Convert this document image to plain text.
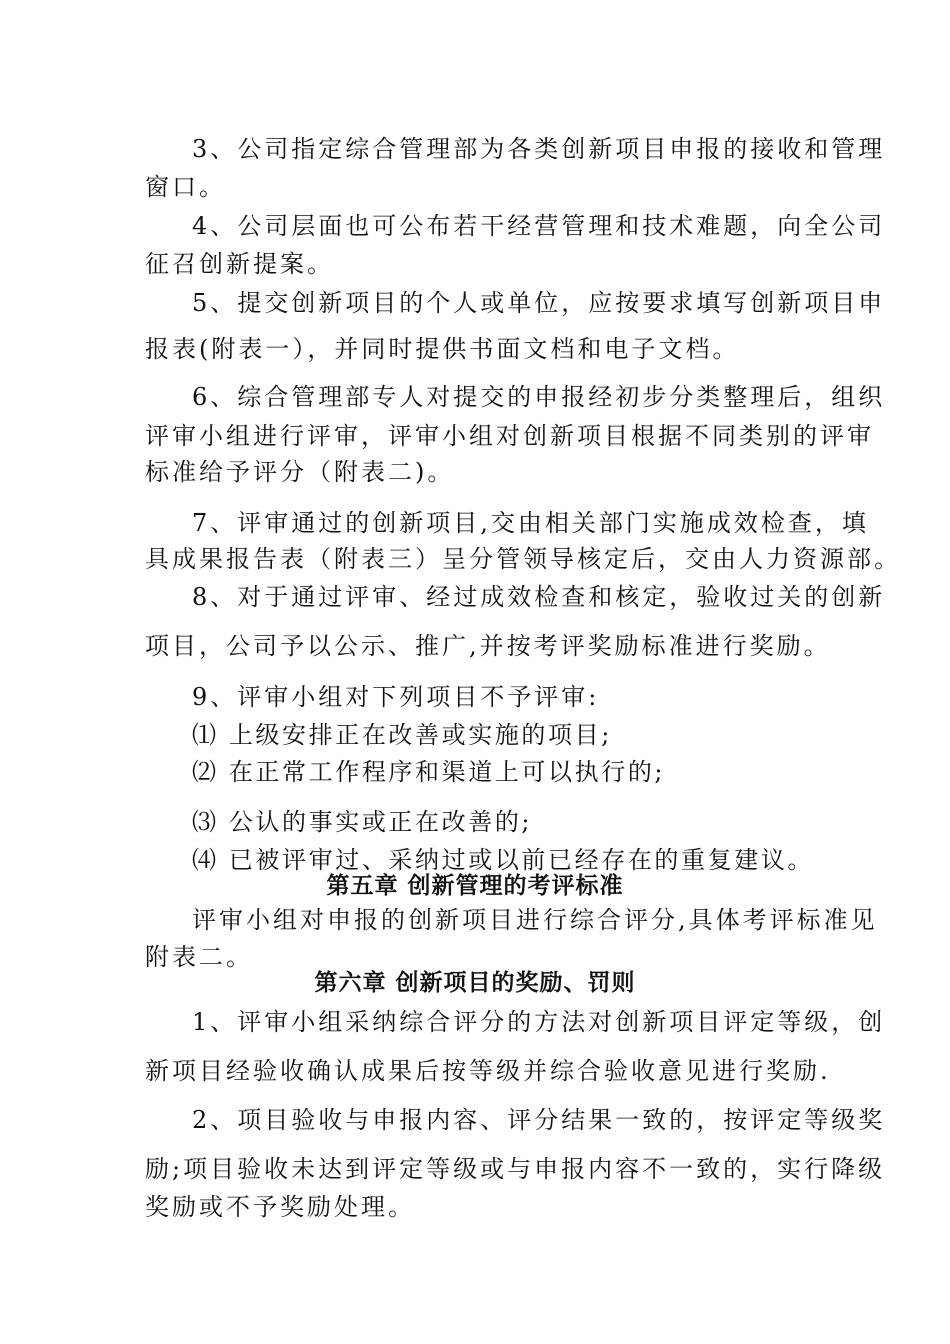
3、公司指定综合管理部为各类创新项目申报的接收和管理
窗口。
4、公司层面也可公布若干经营管理和技术难题，向全公司
征召创新提案。
5、提交创新项目的个人或单位，应按要求填写创新项目申
报表(附表一），并同时提供书面文档和电子文档。
6、综合管理部专人对提交的申报经初步分类整理后，组织
评审小组进行评审，评审小组对创新项目根据不同类别的评审
标准给予评分（附表二)。
7、评审通过的创新项目,交由相关部门实施成效检查，填
具成果报告表（附表三）呈分管领导核定后，交由人力资源部。
8、对于通过评审、经过成效检查和核定，验收过关的创新
项目，公司予以公示、推广,并按考评奖励标准进行奖励。
9、评审小组对下列项目不予评审:
⑴ 上级安排正在改善或实施的项目;
⑵ 在正常工作程序和渠道上可以执行的;
⑶ 公认的事实或正在改善的;
⑷ 已被评审过、采纳过或以前已经存在的重复建议。
第五章 创新管理的考评标准
评审小组对申报的创新项目进行综合评分,具体考评标准见
附表二。
第六章 创新项目的奖励、罚则
1、评审小组采纳综合评分的方法对创新项目评定等级，创
新项目经验收确认成果后按等级并综合验收意见进行奖励.
2、项目验收与申报内容、评分结果一致的，按评定等级奖
励;项目验收未达到评定等级或与申报内容不一致的，实行降级
奖励或不予奖励处理。
